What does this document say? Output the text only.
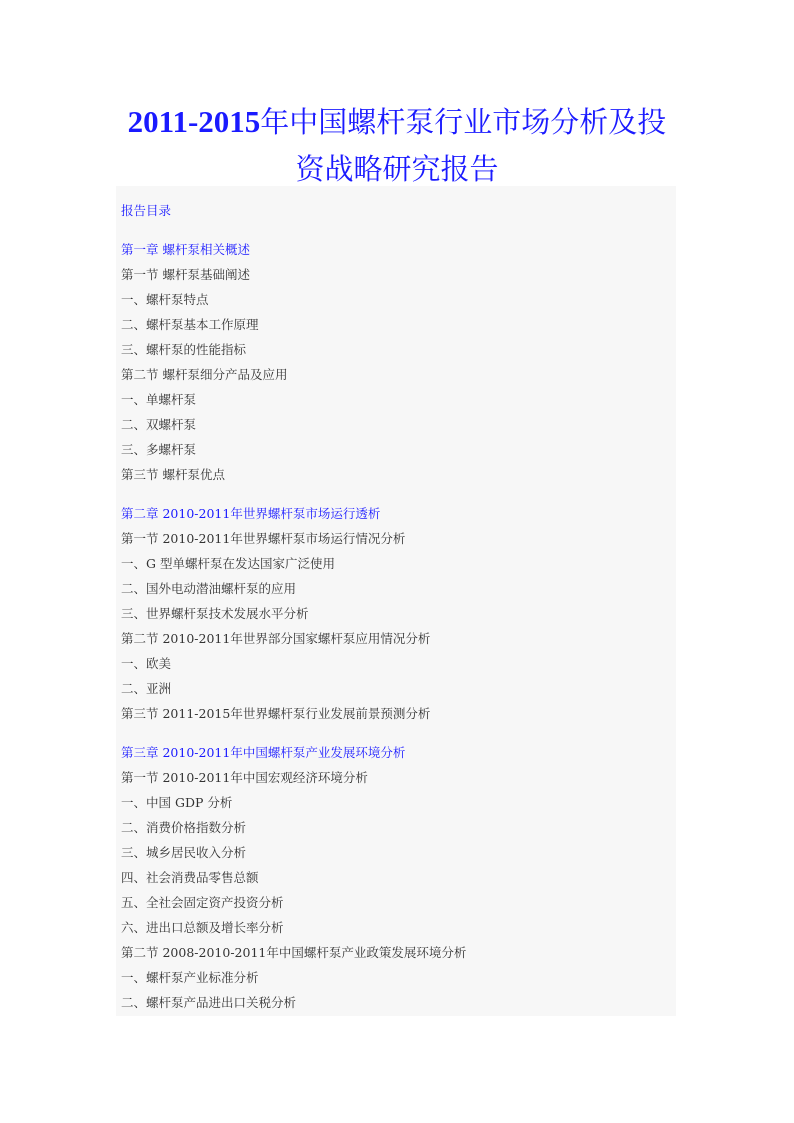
2011-2015年中国螺杆泵行业市场分析及投
资战略研究报告
报告目录
第一章 螺杆泵相关概述
第一节 螺杆泵基础阐述
一、螺杆泵特点
二、螺杆泵基本工作原理
三、螺杆泵的性能指标
第二节 螺杆泵细分产品及应用
一、单螺杆泵
二、双螺杆泵
三、多螺杆泵
第三节 螺杆泵优点
第二章 2010-2011年世界螺杆泵市场运行透析
第一节 2010-2011年世界螺杆泵市场运行情况分析
一、G 型单螺杆泵在发达国家广泛使用
二、国外电动潜油螺杆泵的应用
三、世界螺杆泵技术发展水平分析
第二节 2010-2011年世界部分国家螺杆泵应用情况分析
一、欧美
二、亚洲
第三节 2011-2015年世界螺杆泵行业发展前景预测分析
第三章 2010-2011年中国螺杆泵产业发展环境分析
第一节 2010-2011年中国宏观经济环境分析
一、中国 GDP 分析
二、消费价格指数分析
三、城乡居民收入分析
四、社会消费品零售总额
五、全社会固定资产投资分析
六、进出口总额及增长率分析
第二节 2008-2010-2011年中国螺杆泵产业政策发展环境分析
一、螺杆泵产业标准分析
二、螺杆泵产品进出口关税分析
